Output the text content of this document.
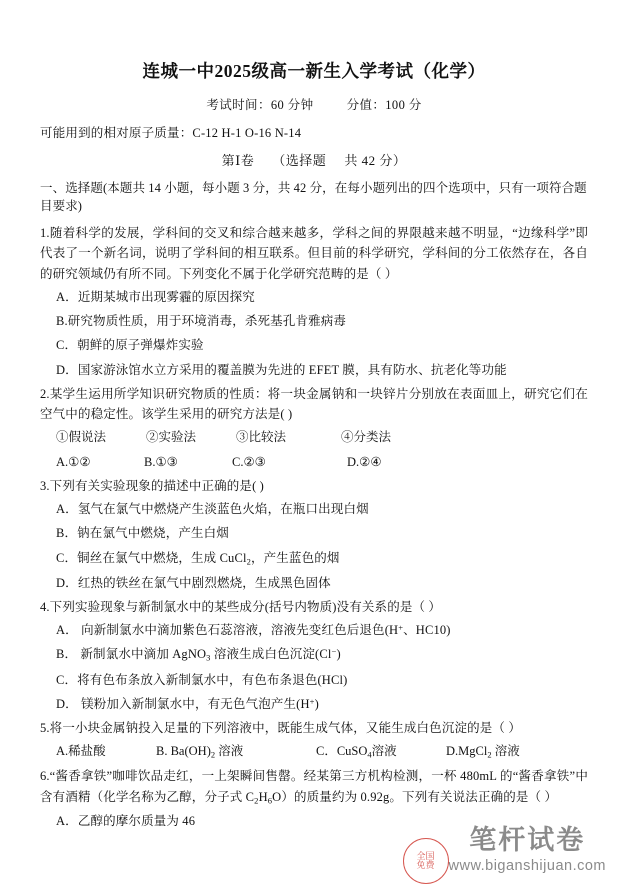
连城一中2025级高一新生入学考试（化学）
考试时间：60 分钟	分值：100 分
可能用到的相对原子质量：C-12 H-1 O-16 N-14
第Ⅰ卷 （选择题 共 42 分）
一、选择题(本题共 14 小题，每小题 3 分，共 42 分，在每小题列出的四个选项中，只有一项符合题目要求)
1.随着科学的发展，学科间的交叉和综合越来越多，学科之间的界限越来越不明显，“边缘科学”即代表了一个新名词，说明了学科间的相互联系。但目前的科学研究，学科间的分工依然存在，各自的研究领域仍有所不同。下列变化不属于化学研究范畴的是（ ）
A．近期某城市出现雾霾的原因探究
B.研究物质性质，用于环境消毒，杀死基孔肯雅病毒
C．朝鲜的原子弹爆炸实验
D．国家游泳馆水立方采用的覆盖膜为先进的 EFET 膜，具有防水、抗老化等功能
2.某学生运用所学知识研究物质的性质：将一块金属钠和一块锌片分别放在表面皿上，研究它们在空气中的稳定性。该学生采用的研究方法是( )
①假说法	②实验法	③比较法	④分类法
A.①②	B.①③	C.②③	D.②④
3.下列有关实验现象的描述中正确的是( )
A．氢气在氯气中燃烧产生淡蓝色火焰，在瓶口出现白烟
B．钠在氯气中燃烧，产生白烟
C．铜丝在氯气中燃烧，生成 CuCl$_2$，产生蓝色的烟
D．红热的铁丝在氯气中剧烈燃烧，生成黑色固体
4.下列实验现象与新制氯水中的某些成分(括号内物质)没有关系的是（ ）
A． 向新制氯水中滴加紫色石蕊溶液，溶液先变红色后退色(H+、HC10)
B． 新制氯水中滴加 AgNO$_3$ 溶液生成白色沉淀(Cl−)
C．将有色布条放入新制氯水中，有色布条退色(HCl)
D． 镁粉加入新制氯水中，有无色气泡产生(H+)
5.将一小块金属钠投入足量的下列溶液中，既能生成气体，又能生成白色沉淀的是（ ）
A.稀盐酸	B. $Ba(OH)_2$ 溶液	C．CuSO$_4$溶液	D.MgCl$_2$ 溶液
6.“酱香拿铁”咖啡饮品走红，一上架瞬间售罄。经某第三方机构检测，一杯 480mL 的“酱香拿铁”中含有酒精（化学名称为乙醇，分子式 $C_2H_6O$）的质量约为 0.92g。下列有关说法正确的是（ ）
A．乙醇的摩尔质量为 46
全国免费
笔杆试卷
www.biganshijuan.com
